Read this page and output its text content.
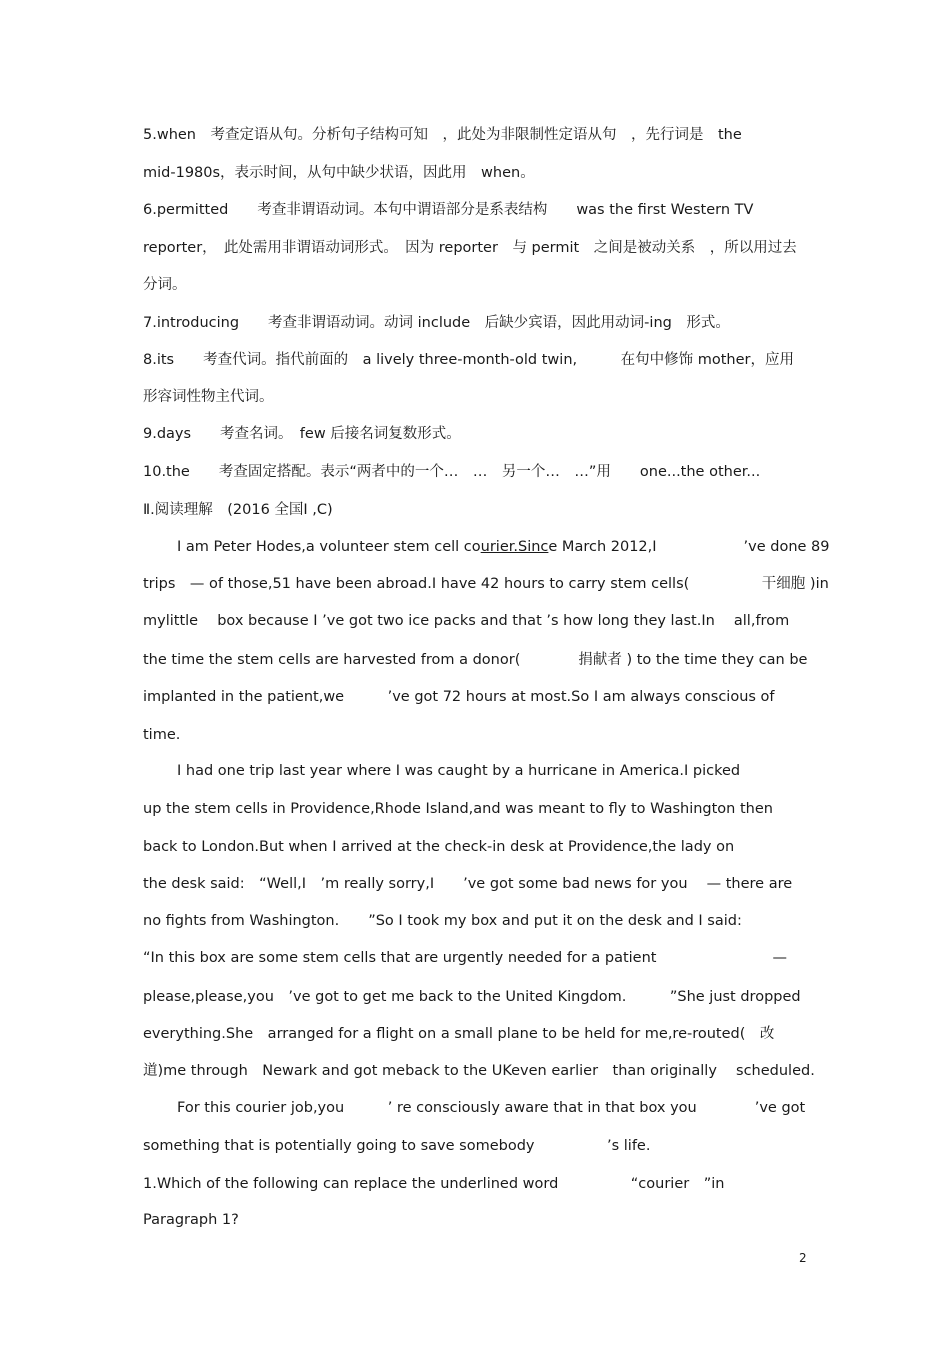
5.when　考查定语从句。分析句子结构可知　，此处为非限制性定语从句　，先行词是　the
mid-1980s，表示时间，从句中缺少状语，因此用　when。
6.permitted　　考查非谓语动词。本句中谓语部分是系表结构　　was the first Western TV
reporter，　此处需用非谓语动词形式。　因为 reporter　与 permit　之间是被动关系　，所以用过去
分词。
7.introducing　　考查非谓语动词。动词 include　后缺少宾语，因此用动词-ing　形式。
8.its　　考查代词。指代前面的　a lively three-month-old twin,　　　在句中修饰 mother，应用
形容词性物主代词。
9.days　　考查名词。　few 后接名词复数形式。
10.the　　考查固定搭配。表示“两者中的一个…　…　另一个…　…”用　　one...the other...
Ⅱ.阅读理解　(2016 全国Ⅰ ,C)
I am Peter Hodes,a volunteer stem cell courier.Since March 2012,I　　　　　　’ve done 89
trips　— of those,51 have been abroad.I have 42 hours to carry stem cells(　　　　　干细胞 )in
mylittle　 box because I ’ve got two ice packs and that ’s how long they last.In　 all,from
the time the stem cells are harvested from a donor(　　　　捐献者 ) to the time they can be
implanted in the patient,we　　　’ve got 72 hours at most.So I am always conscious of
time.
I had one trip last year where I was caught by a hurricane in America.I picked
up the stem cells in Providence,Rhode Island,and was meant to fly to Washington then
back to London.But when I arrived at the check-in desk at Providence,the lady on
the desk said:　“Well,I　’m really sorry,I　　’ve got some bad news for you　 — there are
no fights from Washington.　　”So I took my box and put it on the desk and I said:
“In this box are some stem cells that are urgently needed for a patient　　　　　　　　—
please,please,you　’ve got to get me back to the United Kingdom.　　　”She just dropped
everything.She　arranged for a flight on a small plane to be held for me,re-routed(　改
道)me through　Newark and got meback to the UKeven earlier　than originally　 scheduled.
For this courier job,you　　　’ re consciously aware that in that box you　　　　’ve got
something that is potentially going to save somebody　　　　　’s life.
1.Which of the following can replace the underlined word　　　　　“courier　”in
Paragraph 1?
2
